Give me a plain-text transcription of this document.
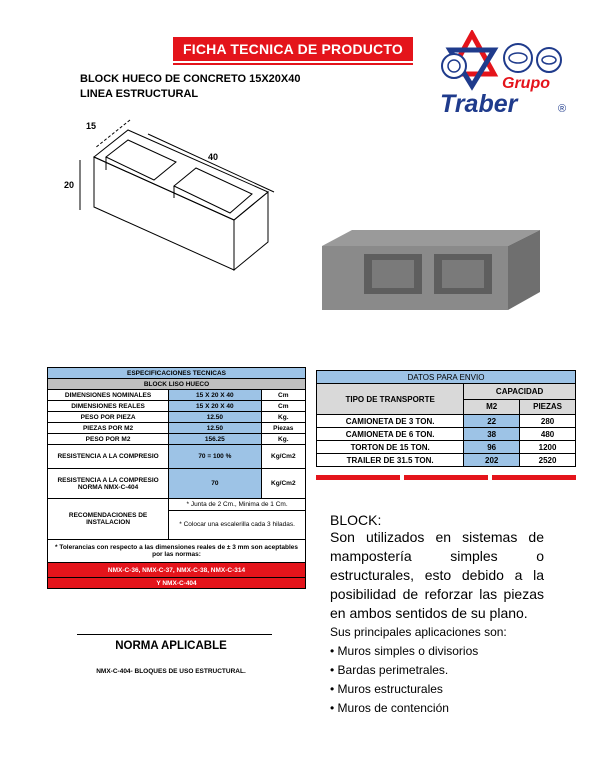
FICHA TECNICA DE PRODUCTO
BLOCK HUECO DE CONCRETO 15X20X40
LINEA ESTRUCTURAL
Grupo
Traber	®
15
40
20
ESPECIFICACIONES TECNICAS		
BLOCK LISO HUECO		
DIMENSIONES NOMINALES	15 X 20 X 40	Cm
DIMENSIONES REALES	15 X 20 X 40	Cm
PESO POR PIEZA	12.50	Kg.
PIEZAS POR M2	12.50	Piezas
PESO POR M2	156.25	Kg.
RESISTENCIA A LA COMPRESIO	70 = 100 %	Kg/Cm2
RESISTENCIA A LA COMPRESIO NORMA NMX-C-404	70	Kg/Cm2
RECOMENDACIONES DE INSTALACION	* Junta de 2 Cm., Minima de 1 Cm.	
	* Colocar una escalerilla cada 3 hiladas.	
* Tolerancias con respecto a las dimensiones reales de ± 3 mm son aceptables por las normas:		
NMX-C-36, NMX-C-37, NMX-C-38, NMX-C-314		
Y NMX-C-404		
DATOS PARA ENVIO		
TIPO DE TRANSPORTE	CAPACIDAD	
	M2	PIEZAS
CAMIONETA DE 3 TON.	22	280
CAMIONETA DE 6 TON.	38	480
TORTON DE 15 TON.	96	1200
TRAILER DE 31.5 TON.	202	2520
BLOCK:
Son utilizados en sistemas de mampostería simples o estructurales, esto debido a la posibilidad de reforzar las piezas en ambos sentidos de su plano.
Sus principales aplicaciones son:
• Muros simples o divisorios
• Bardas perimetrales.
• Muros estructurales
• Muros de contención
NORMA APLICABLE
NMX-C-404- BLOQUES DE USO ESTRUCTURAL.
